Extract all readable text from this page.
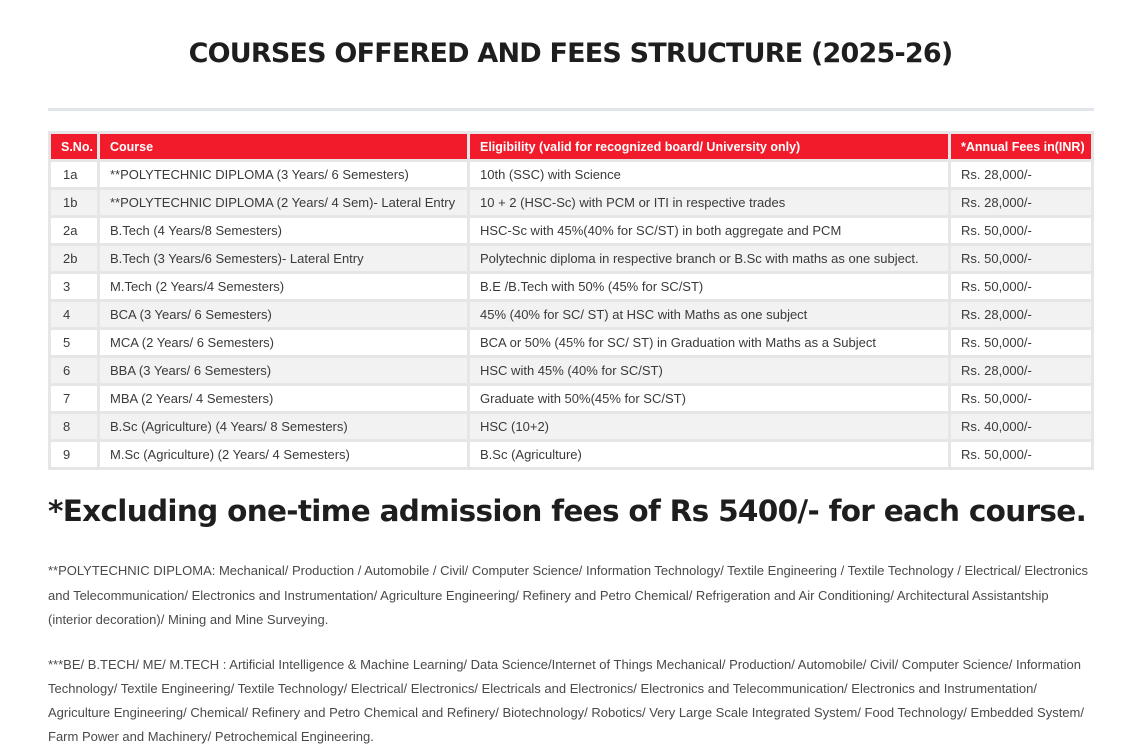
COURSES OFFERED AND FEES STRUCTURE (2025-26)
S.No.	Course	Eligibility (valid for recognized board/ University only)	*Annual Fees in(INR)
1a	**POLYTECHNIC DIPLOMA (3 Years/ 6 Semesters)	10th (SSC) with Science	Rs. 28,000/-
1b	**POLYTECHNIC DIPLOMA (2 Years/ 4 Sem)- Lateral Entry	10 + 2 (HSC-Sc) with PCM or ITI in respective trades	Rs. 28,000/-
2a	B.Tech (4 Years/8 Semesters)	HSC-Sc with 45%(40% for SC/ST) in both aggregate and PCM	Rs. 50,000/-
2b	B.Tech (3 Years/6 Semesters)- Lateral Entry	Polytechnic diploma in respective branch or B.Sc with maths as one subject.	Rs. 50,000/-
3	M.Tech (2 Years/4 Semesters)	B.E /B.Tech with 50% (45% for SC/ST)	Rs. 50,000/-
4	BCA (3 Years/ 6 Semesters)	45% (40% for SC/ ST) at HSC with Maths as one subject	Rs. 28,000/-
5	MCA (2 Years/ 6 Semesters)	BCA or 50% (45% for SC/ ST) in Graduation with Maths as a Subject	Rs. 50,000/-
6	BBA (3 Years/ 6 Semesters)	HSC with 45% (40% for SC/ST)	Rs. 28,000/-
7	MBA (2 Years/ 4 Semesters)	Graduate with 50%(45% for SC/ST)	Rs. 50,000/-
8	B.Sc (Agriculture) (4 Years/ 8 Semesters)	HSC (10+2)	Rs. 40,000/-
9	M.Sc (Agriculture) (2 Years/ 4 Semesters)	B.Sc (Agriculture)	Rs. 50,000/-
*Excluding one-time admission fees of Rs 5400/- for each course.

**POLYTECHNIC DIPLOMA: Mechanical/ Production / Automobile / Civil/ Computer Science/ Information Technology/ Textile Engineering / Textile Technology / Electrical/ Electronics and Telecommunication/ Electronics and Instrumentation/ Agriculture Engineering/ Refinery and Petro Chemical/ Refrigeration and Air Conditioning/ Architectural Assistantship (interior decoration)/ Mining and Mine Surveying.

***BE/ B.TECH/ ME/ M.TECH : Artificial Intelligence & Machine Learning/ Data Science/Internet of Things Mechanical/ Production/ Automobile/ Civil/ Computer Science/ Information Technology/ Textile Engineering/ Textile Technology/ Electrical/ Electronics/ Electricals and Electronics/ Electronics and Telecommunication/ Electronics and Instrumentation/ Agriculture Engineering/ Chemical/ Refinery and Petro Chemical and Refinery/ Biotechnology/ Robotics/ Very Large Scale Integrated System/ Food Technology/ Embedded System/ Farm Power and Machinery/ Petrochemical Engineering.
